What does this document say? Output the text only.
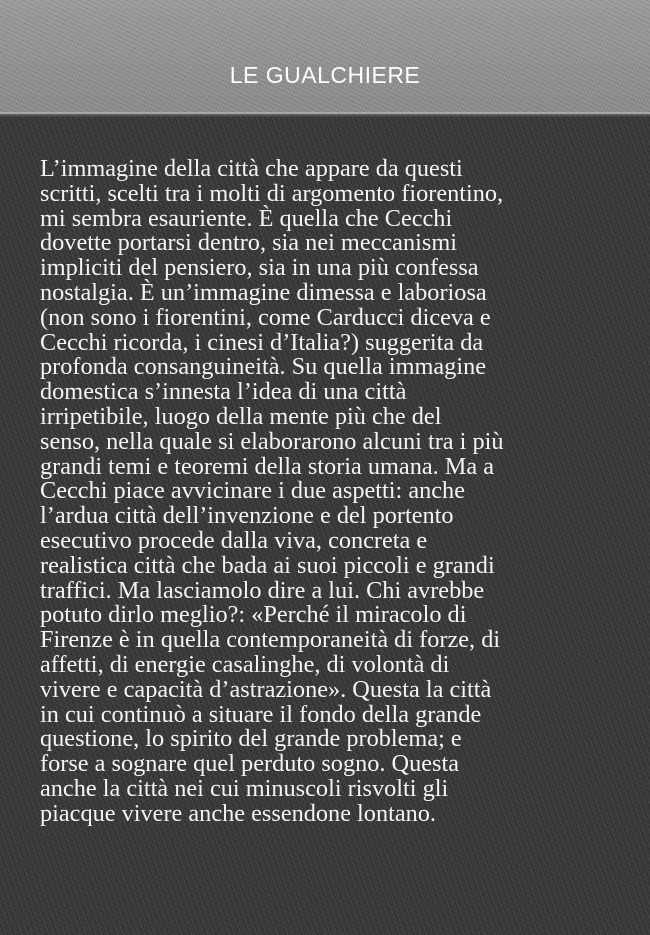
LE GUALCHIERE
L’immagine della città che appare da questi
scritti, scelti tra i molti di argomento fiorentino,
mi sembra esauriente. È quella che Cecchi
dovette portarsi dentro, sia nei meccanismi
impliciti del pensiero, sia in una più confessa
nostalgia. È un’immagine dimessa e laboriosa
(non sono i fiorentini, come Carducci diceva e
Cecchi ricorda, i cinesi d’Italia?) suggerita da
profonda consanguineità. Su quella immagine
domestica s’innesta l’idea di una città
irripetibile, luogo della mente più che del
senso, nella quale si elaborarono alcuni tra i più
grandi temi e teoremi della storia umana. Ma a
Cecchi piace avvicinare i due aspetti: anche
l’ardua città dell’invenzione e del portento
esecutivo procede dalla viva, concreta e
realistica città che bada ai suoi piccoli e grandi
traffici. Ma lasciamolo dire a lui. Chi avrebbe
potuto dirlo meglio?: «Perché il miracolo di
Firenze è in quella contemporaneità di forze, di
affetti, di energie casalinghe, di volontà di
vivere e capacità d’astrazione». Questa la città
in cui continuò a situare il fondo della grande
questione, lo spirito del grande problema; e
forse a sognare quel perduto sogno. Questa
anche la città nei cui minuscoli risvolti gli
piacque vivere anche essendone lontano.
